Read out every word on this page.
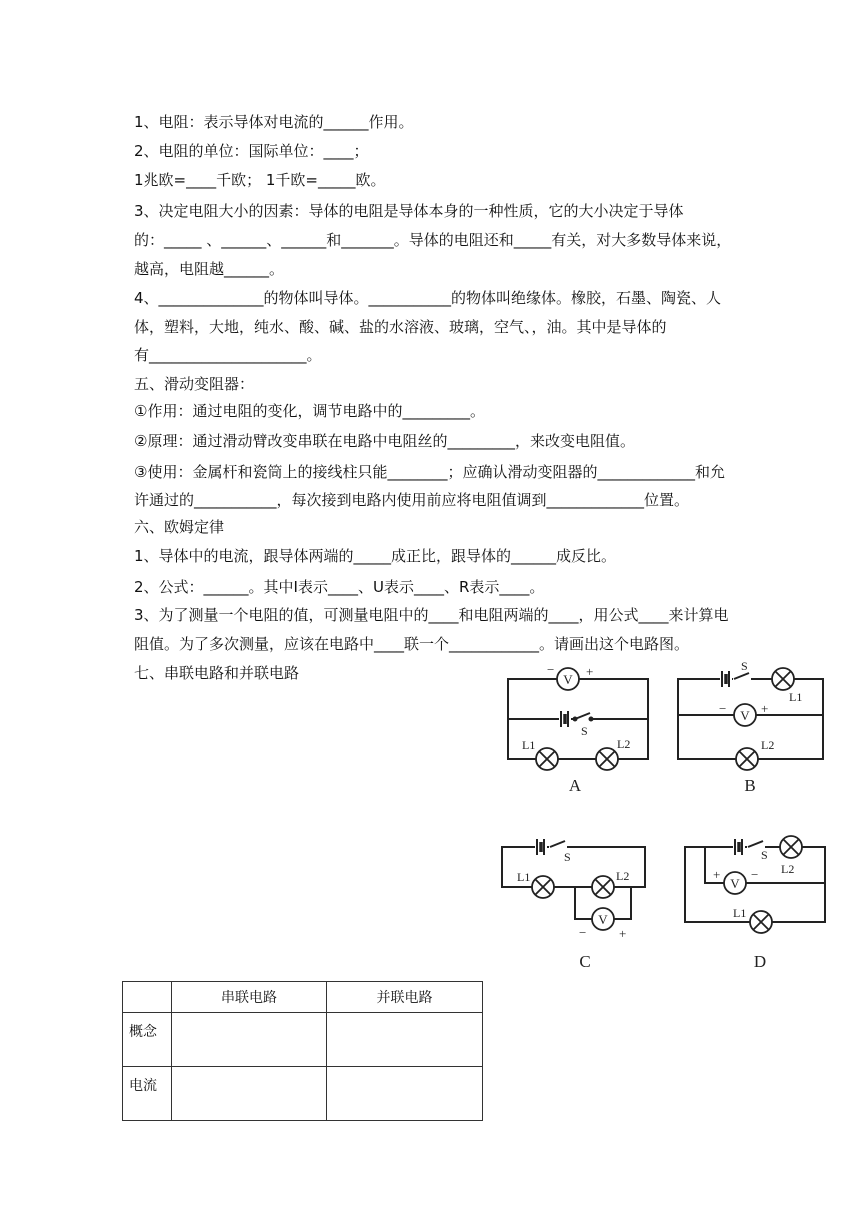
1、电阻：表示导体对电流的______作用。
2、电阻的单位：国际单位：____；
1兆欧=____千欧； 1千欧=_____欧。
3、决定电阻大小的因素：导体的电阻是导体本身的一种性质，它的大小决定于导体
的：_____ 、______、______和_______。导体的电阻还和_____有关，对大多数导体来说，
越高，电阻越______。
4、______________的物体叫导体。___________的物体叫绝缘体。橡胶，石墨、陶瓷、人
体，塑料，大地，纯水、酸、碱、盐的水溶液、玻璃，空气、，油。其中是导体的
有_____________________。
五、滑动变阻器：
①作用：通过电阻的变化，调节电路中的_________。
②原理：通过滑动臂改变串联在电路中电阻丝的_________，来改变电阻值。
③使用：金属杆和瓷筒上的接线柱只能________；应确认滑动变阻器的_____________和允
许通过的___________，每次接到电路内使用前应将电阻值调到_____________位置。
六、欧姆定律
1、导体中的电流，跟导体两端的_____成正比，跟导体的______成反比。
2、公式：______。其中I表示____、U表示____、R表示____。
3、为了测量一个电阻的值，可测量电阻中的____和电阻两端的____，用公式____来计算电
阻值。为了多次测量，应该在电路中____联一个____________。请画出这个电路图。
七、串联电路和并联电路	V
− +
S
L1	L2
A
S
L1
V
−	+
L2
B
S
L1	L2
V
−	+
C
S
L2
V
+ −
L1
D
	串联电路	并联电路
概念		
电流		
